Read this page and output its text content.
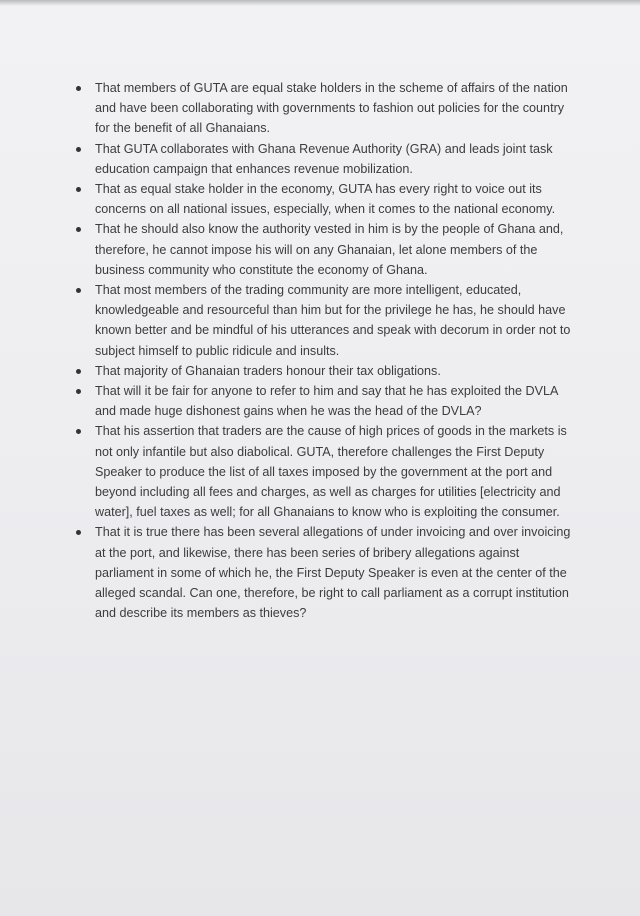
That members of GUTA are equal stake holders in the scheme of affairs of the nation and have been collaborating with governments to fashion out policies for the country for the benefit of all Ghanaians.
That GUTA collaborates with Ghana Revenue Authority (GRA) and leads joint task education campaign that enhances revenue mobilization.
That as equal stake holder in the economy, GUTA has every right to voice out its concerns on all national issues, especially, when it comes to the national economy.
That he should also know the authority vested in him is by the people of Ghana and, therefore, he cannot impose his will on any Ghanaian, let alone members of the business community who constitute the economy of Ghana.
That most members of the trading community are more intelligent, educated, knowledgeable and resourceful than him but for the privilege he has, he should have known better and be mindful of his utterances and speak with decorum in order not to subject himself to public ridicule and insults.
That majority of Ghanaian traders honour their tax obligations.
That will it be fair for anyone to refer to him and say that he has exploited the DVLA and made huge dishonest gains when he was the head of the DVLA?
That his assertion that traders are the cause of high prices of goods in the markets is not only infantile but also diabolical. GUTA, therefore challenges the First Deputy Speaker to produce the list of all taxes imposed by the government at the port and beyond including all fees and charges, as well as charges for utilities [electricity and water], fuel taxes as well; for all Ghanaians to know who is exploiting the consumer.
That it is true there has been several allegations of under invoicing and over invoicing at the port, and likewise, there has been series of bribery allegations against parliament in some of which he, the First Deputy Speaker is even at the center of the alleged scandal. Can one, therefore, be right to call parliament as a corrupt institution and describe its members as thieves?
